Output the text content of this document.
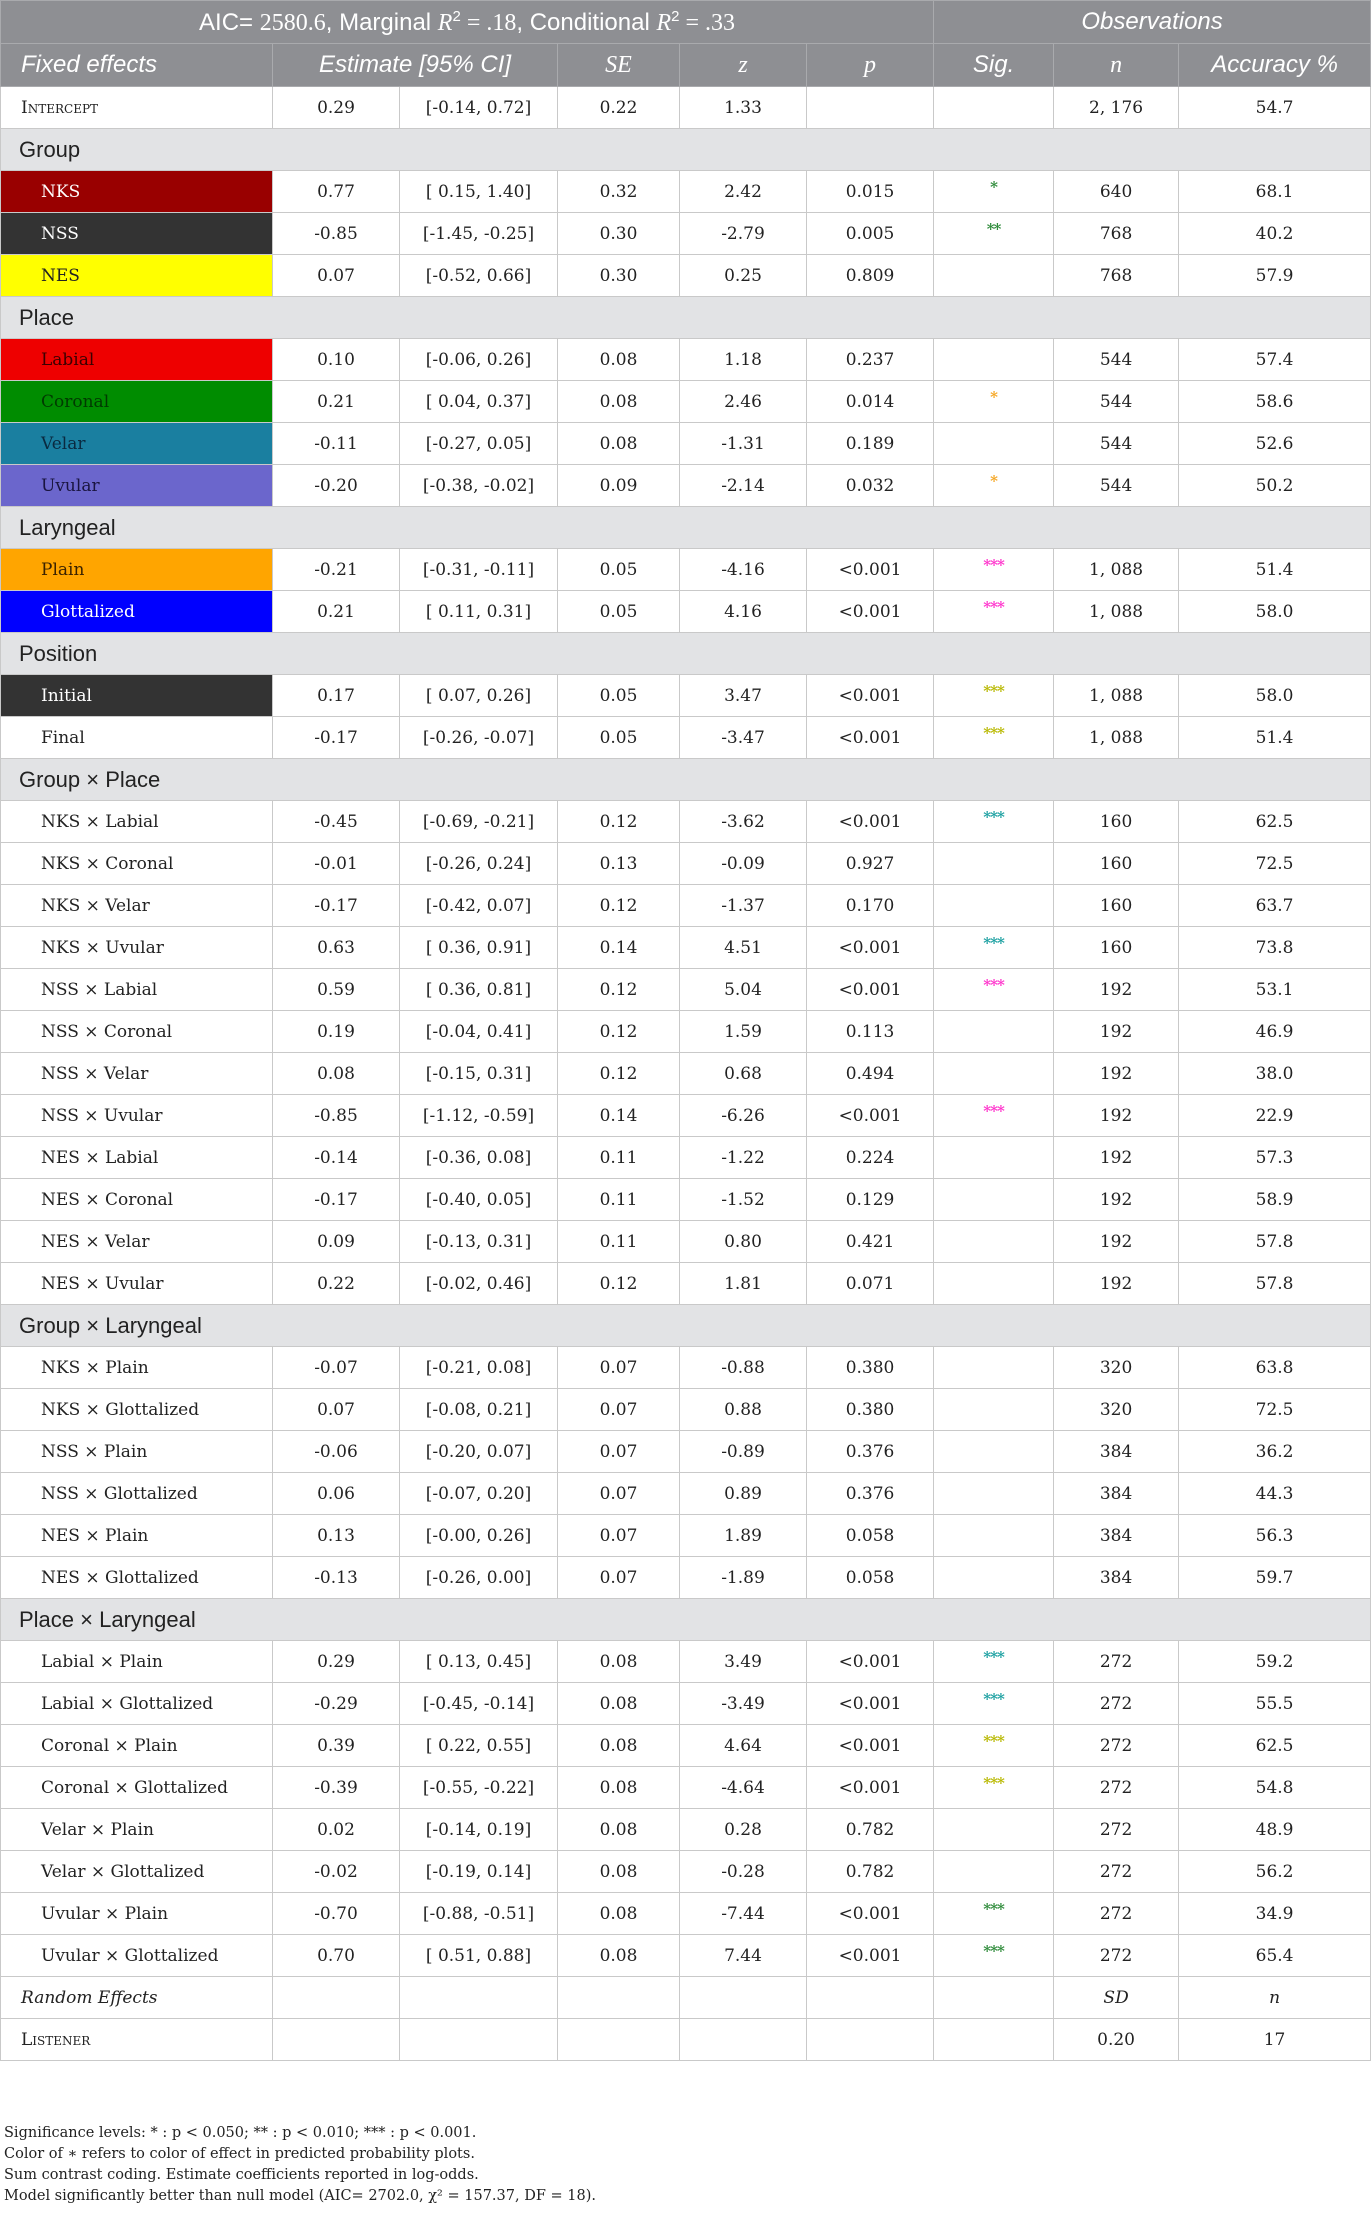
AIC= 2580.6, Marginal $R^2 = .18$, Conditional $R^2 = .33$						Observations		
Fixed effects	Estimate [95% CI]		SE	z	p	Sig.	n	Accuracy %
Intercept	0.29	[-0.14, 0.72]	0.22	1.33			2, 176	54.7
Group								
NKS	0.77	[ 0.15, 1.40]	0.32	2.42	0.015	*	640	68.1
NSS	-0.85	[-1.45, -0.25]	0.30	-2.79	0.005	**	768	40.2
NES	0.07	[-0.52, 0.66]	0.30	0.25	0.809		768	57.9
Place								
Labial	0.10	[-0.06, 0.26]	0.08	1.18	0.237		544	57.4
Coronal	0.21	[ 0.04, 0.37]	0.08	2.46	0.014	*	544	58.6
Velar	-0.11	[-0.27, 0.05]	0.08	-1.31	0.189		544	52.6
Uvular	-0.20	[-0.38, -0.02]	0.09	-2.14	0.032	*	544	50.2
Laryngeal								
Plain	-0.21	[-0.31, -0.11]	0.05	-4.16	<0.001	***	1, 088	51.4
Glottalized	0.21	[ 0.11, 0.31]	0.05	4.16	<0.001	***	1, 088	58.0
Position								
Initial	0.17	[ 0.07, 0.26]	0.05	3.47	<0.001	***	1, 088	58.0
Final	-0.17	[-0.26, -0.07]	0.05	-3.47	<0.001	***	1, 088	51.4
Group × Place								
NKS × Labial	-0.45	[-0.69, -0.21]	0.12	-3.62	<0.001	***	160	62.5
NKS × Coronal	-0.01	[-0.26, 0.24]	0.13	-0.09	0.927		160	72.5
NKS × Velar	-0.17	[-0.42, 0.07]	0.12	-1.37	0.170		160	63.7
NKS × Uvular	0.63	[ 0.36, 0.91]	0.14	4.51	<0.001	***	160	73.8
NSS × Labial	0.59	[ 0.36, 0.81]	0.12	5.04	<0.001	***	192	53.1
NSS × Coronal	0.19	[-0.04, 0.41]	0.12	1.59	0.113		192	46.9
NSS × Velar	0.08	[-0.15, 0.31]	0.12	0.68	0.494		192	38.0
NSS × Uvular	-0.85	[-1.12, -0.59]	0.14	-6.26	<0.001	***	192	22.9
NES × Labial	-0.14	[-0.36, 0.08]	0.11	-1.22	0.224		192	57.3
NES × Coronal	-0.17	[-0.40, 0.05]	0.11	-1.52	0.129		192	58.9
NES × Velar	0.09	[-0.13, 0.31]	0.11	0.80	0.421		192	57.8
NES × Uvular	0.22	[-0.02, 0.46]	0.12	1.81	0.071		192	57.8
Group × Laryngeal								
NKS × Plain	-0.07	[-0.21, 0.08]	0.07	-0.88	0.380		320	63.8
NKS × Glottalized	0.07	[-0.08, 0.21]	0.07	0.88	0.380		320	72.5
NSS × Plain	-0.06	[-0.20, 0.07]	0.07	-0.89	0.376		384	36.2
NSS × Glottalized	0.06	[-0.07, 0.20]	0.07	0.89	0.376		384	44.3
NES × Plain	0.13	[-0.00, 0.26]	0.07	1.89	0.058		384	56.3
NES × Glottalized	-0.13	[-0.26, 0.00]	0.07	-1.89	0.058		384	59.7
Place × Laryngeal								
Labial × Plain	0.29	[ 0.13, 0.45]	0.08	3.49	<0.001	***	272	59.2
Labial × Glottalized	-0.29	[-0.45, -0.14]	0.08	-3.49	<0.001	***	272	55.5
Coronal × Plain	0.39	[ 0.22, 0.55]	0.08	4.64	<0.001	***	272	62.5
Coronal × Glottalized	-0.39	[-0.55, -0.22]	0.08	-4.64	<0.001	***	272	54.8
Velar × Plain	0.02	[-0.14, 0.19]	0.08	0.28	0.782		272	48.9
Velar × Glottalized	-0.02	[-0.19, 0.14]	0.08	-0.28	0.782		272	56.2
Uvular × Plain	-0.70	[-0.88, -0.51]	0.08	-7.44	<0.001	***	272	34.9
Uvular × Glottalized	0.70	[ 0.51, 0.88]	0.08	7.44	<0.001	***	272	65.4
Random Effects							SD	n
Listener							0.20	17
Significance levels: * : p < 0.050; ** : p < 0.010; *** : p < 0.001.
Color of ∗ refers to color of effect in predicted probability plots.
Sum contrast coding. Estimate coefficients reported in log-odds.
Model significantly better than null model (AIC= 2702.0, χ² = 157.37, DF = 18).
